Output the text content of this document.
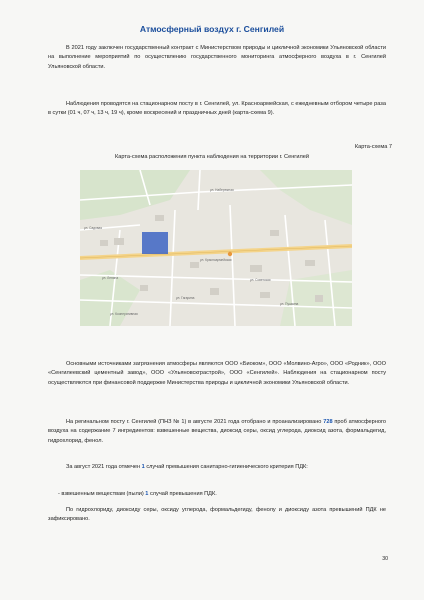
Атмосферный воздух г. Сенгилей
В 2021 году заключен государственный контракт с Министерством природы и цикличной экономики Ульяновской области на выполнение мероприятий по осуществлению государственного мониторинга атмосферного воздуха в г. Сенгилей Ульяновской области.
Наблюдения проводятся на стационарном посту в г. Сенгилей, ул. Красноармейская, с ежедневным отбором четыре раза в сутки (01 ч, 07 ч, 13 ч, 19 ч), кроме воскресений и праздничных дней (карта-схема 9).
Карта-схема 7
Карта-схема расположения пункта наблюдения на территории г. Сенгилей
ул. Красноармейская
ул. Ленина	ул. Советская
ул. Гагарина
ул. Пушкина
ул. Набережная
ул. Садовая
ул. Кооперативная
Основными источниками загрязнения атмосферы являются ООО «Биоком», ООО «Молвино-Агро», ООО «Родник», ООО «Сенгилеевский цементный завод», ООО «Ульяновскграстрой», ООО «Сенгилей». Наблюдения на стационарном посту осуществляются при финансовой поддержке Министерства природы и цикличной экономики Ульяновской области.
На регинальном посту г. Сенгилей (ПНЗ № 1) в августе 2021 года отобрано и проанализировано 728 проб атмосферного воздуха на содержание 7 ингредиентов: взвешенные вещества, диоксид серы, оксид углерода, диоксид азота, формальдегид, гидрохлорид, фенол.
За август 2021 года отмечен 1 случай превышения санитарно-гигиенического критерия ПДК:
- взвешенным веществам (пыли) 1 случай превышения ПДК.
По гидрохлориду, диоксиду серы, оксиду углерода, формальдегиду, фенолу и диоксиду азота превышений ПДК не зафиксировано.
30
